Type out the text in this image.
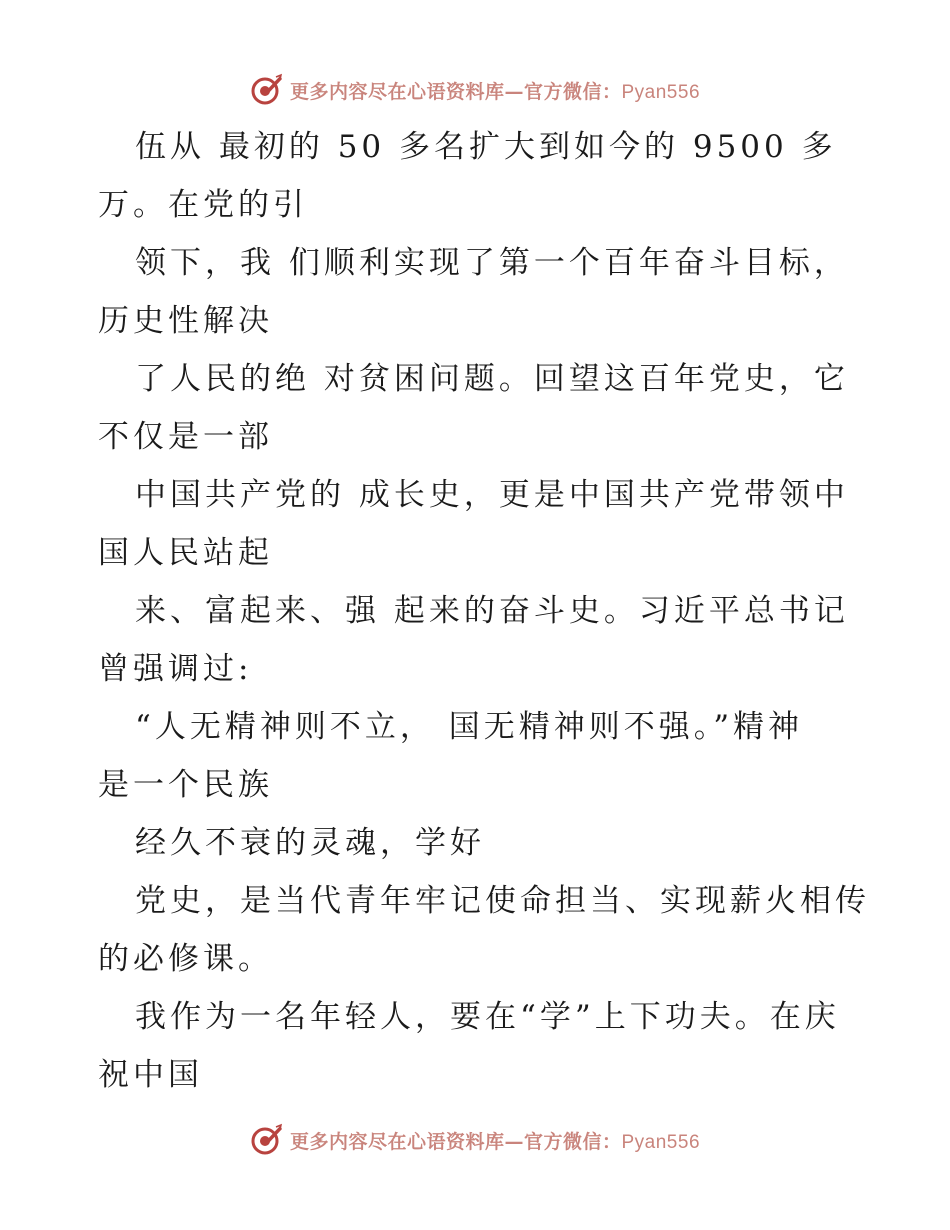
更多内容尽在心语资料库—官方微信：Pyan556
伍从 最初的 50 多名扩大到如今的 9500 多
万。在党的引
领下，我 们顺利实现了第一个百年奋斗目标，
历史性解决
了人民的绝 对贫困问题。回望这百年党史，它
不仅是一部
中国共产党的 成长史，更是中国共产党带领中
国人民站起
来、富起来、强 起来的奋斗史。习近平总书记
曾强调过:
“人无精神则不立， 国无精神则不强。”精神
是一个民族
经久不衰的灵魂，学好
党史，是当代青年牢记使命担当、实现薪火相传
的必修课。
我作为一名年轻人，要在“学”上下功夫。在庆
祝中国
更多内容尽在心语资料库—官方微信：Pyan556
